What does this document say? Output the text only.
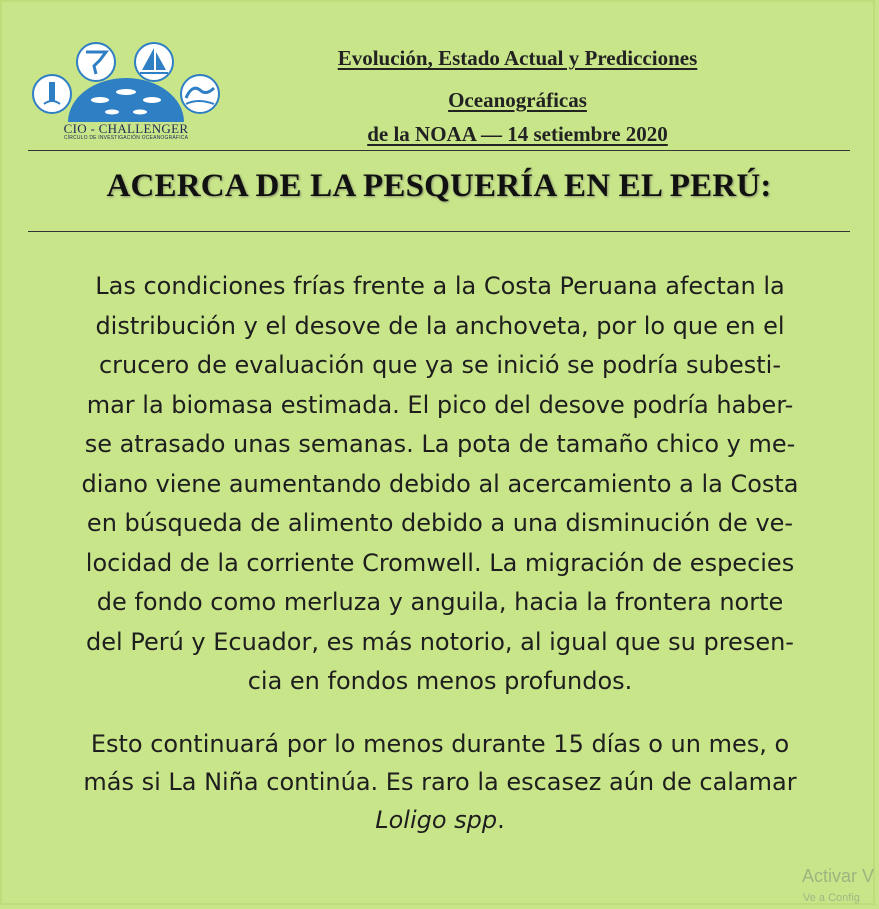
CIO - CHALLENGER
CÍRCULO DE INVESTIGACIÓN OCEANOGRÁFICA
Evolución, Estado Actual y Predicciones
Oceanográficas
de la NOAA — 14 setiembre 2020
ACERCA DE LA PESQUERÍA EN EL PERÚ:
Las condiciones frías frente a la Costa Peruana afectan la
distribución y el desove de la anchoveta, por lo que en el
crucero de evaluación que ya se inició se podría subesti-
mar la biomasa estimada. El pico del desove podría haber-
se atrasado unas semanas. La pota de tamaño chico y me-
diano viene aumentando debido al acercamiento a la Costa
en búsqueda de alimento debido a una disminución de ve-
locidad de la corriente Cromwell. La migración de especies
de fondo como merluza y anguila, hacia la frontera norte
del Perú y Ecuador, es más notorio, al igual que su presen-
cia en fondos menos profundos.
Esto continuará por lo menos durante 15 días o un mes, o
más si La Niña continúa. Es raro la escasez aún de calamar
Loligo spp.
Activar V
Ve a Config
